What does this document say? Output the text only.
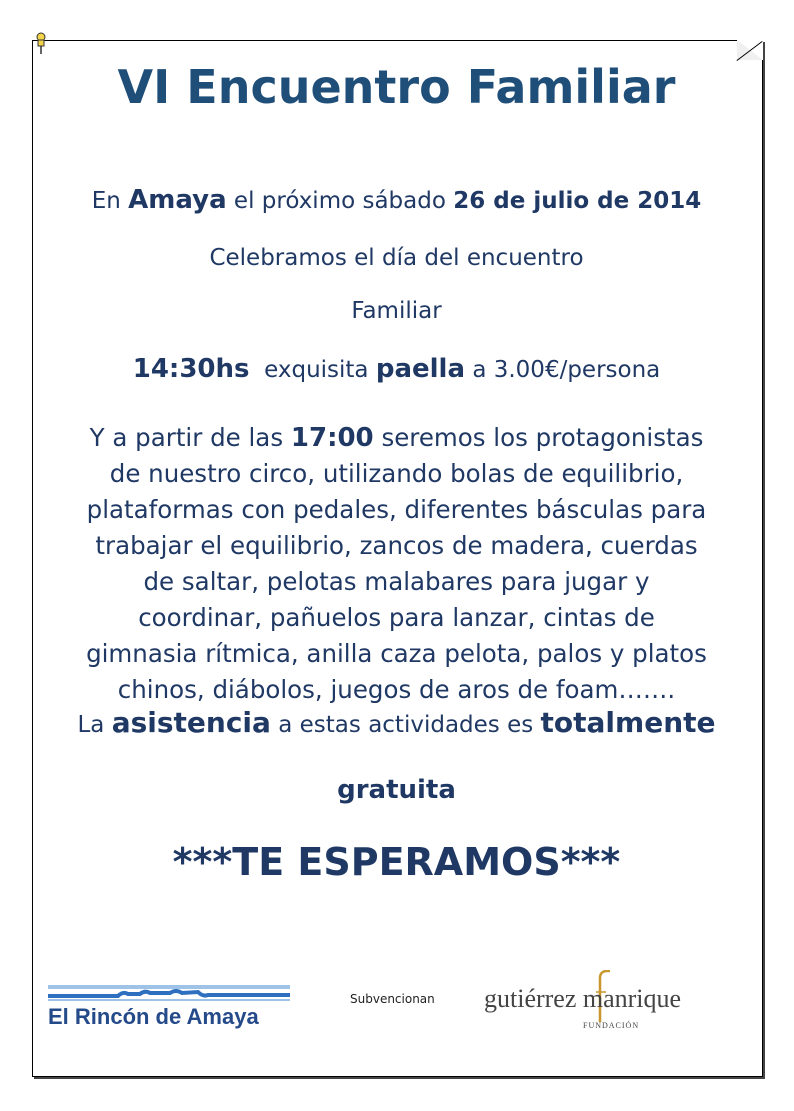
VI Encuentro Familiar
En Amaya el próximo sábado 26 de julio de 2014
Celebramos el día del encuentro
Familiar
14:30hs exquisita paella a 3.00€/persona
Y a partir de las 17:00 seremos los protagonistas de nuestro circo, utilizando bolas de equilibrio, plataformas con pedales, diferentes básculas para trabajar el equilibrio, zancos de madera, cuerdas de saltar, pelotas malabares para jugar y coordinar, pañuelos para lanzar, cintas de gimnasia rítmica, anilla caza pelota, palos y platos chinos, diábolos, juegos de aros de foam…….
La asistencia a estas actividades es totalmente
gratuita
***TE ESPERAMOS***
El Rincón de Amaya
Subvencionan gutiérrez manrique
FUNDACIÓN
